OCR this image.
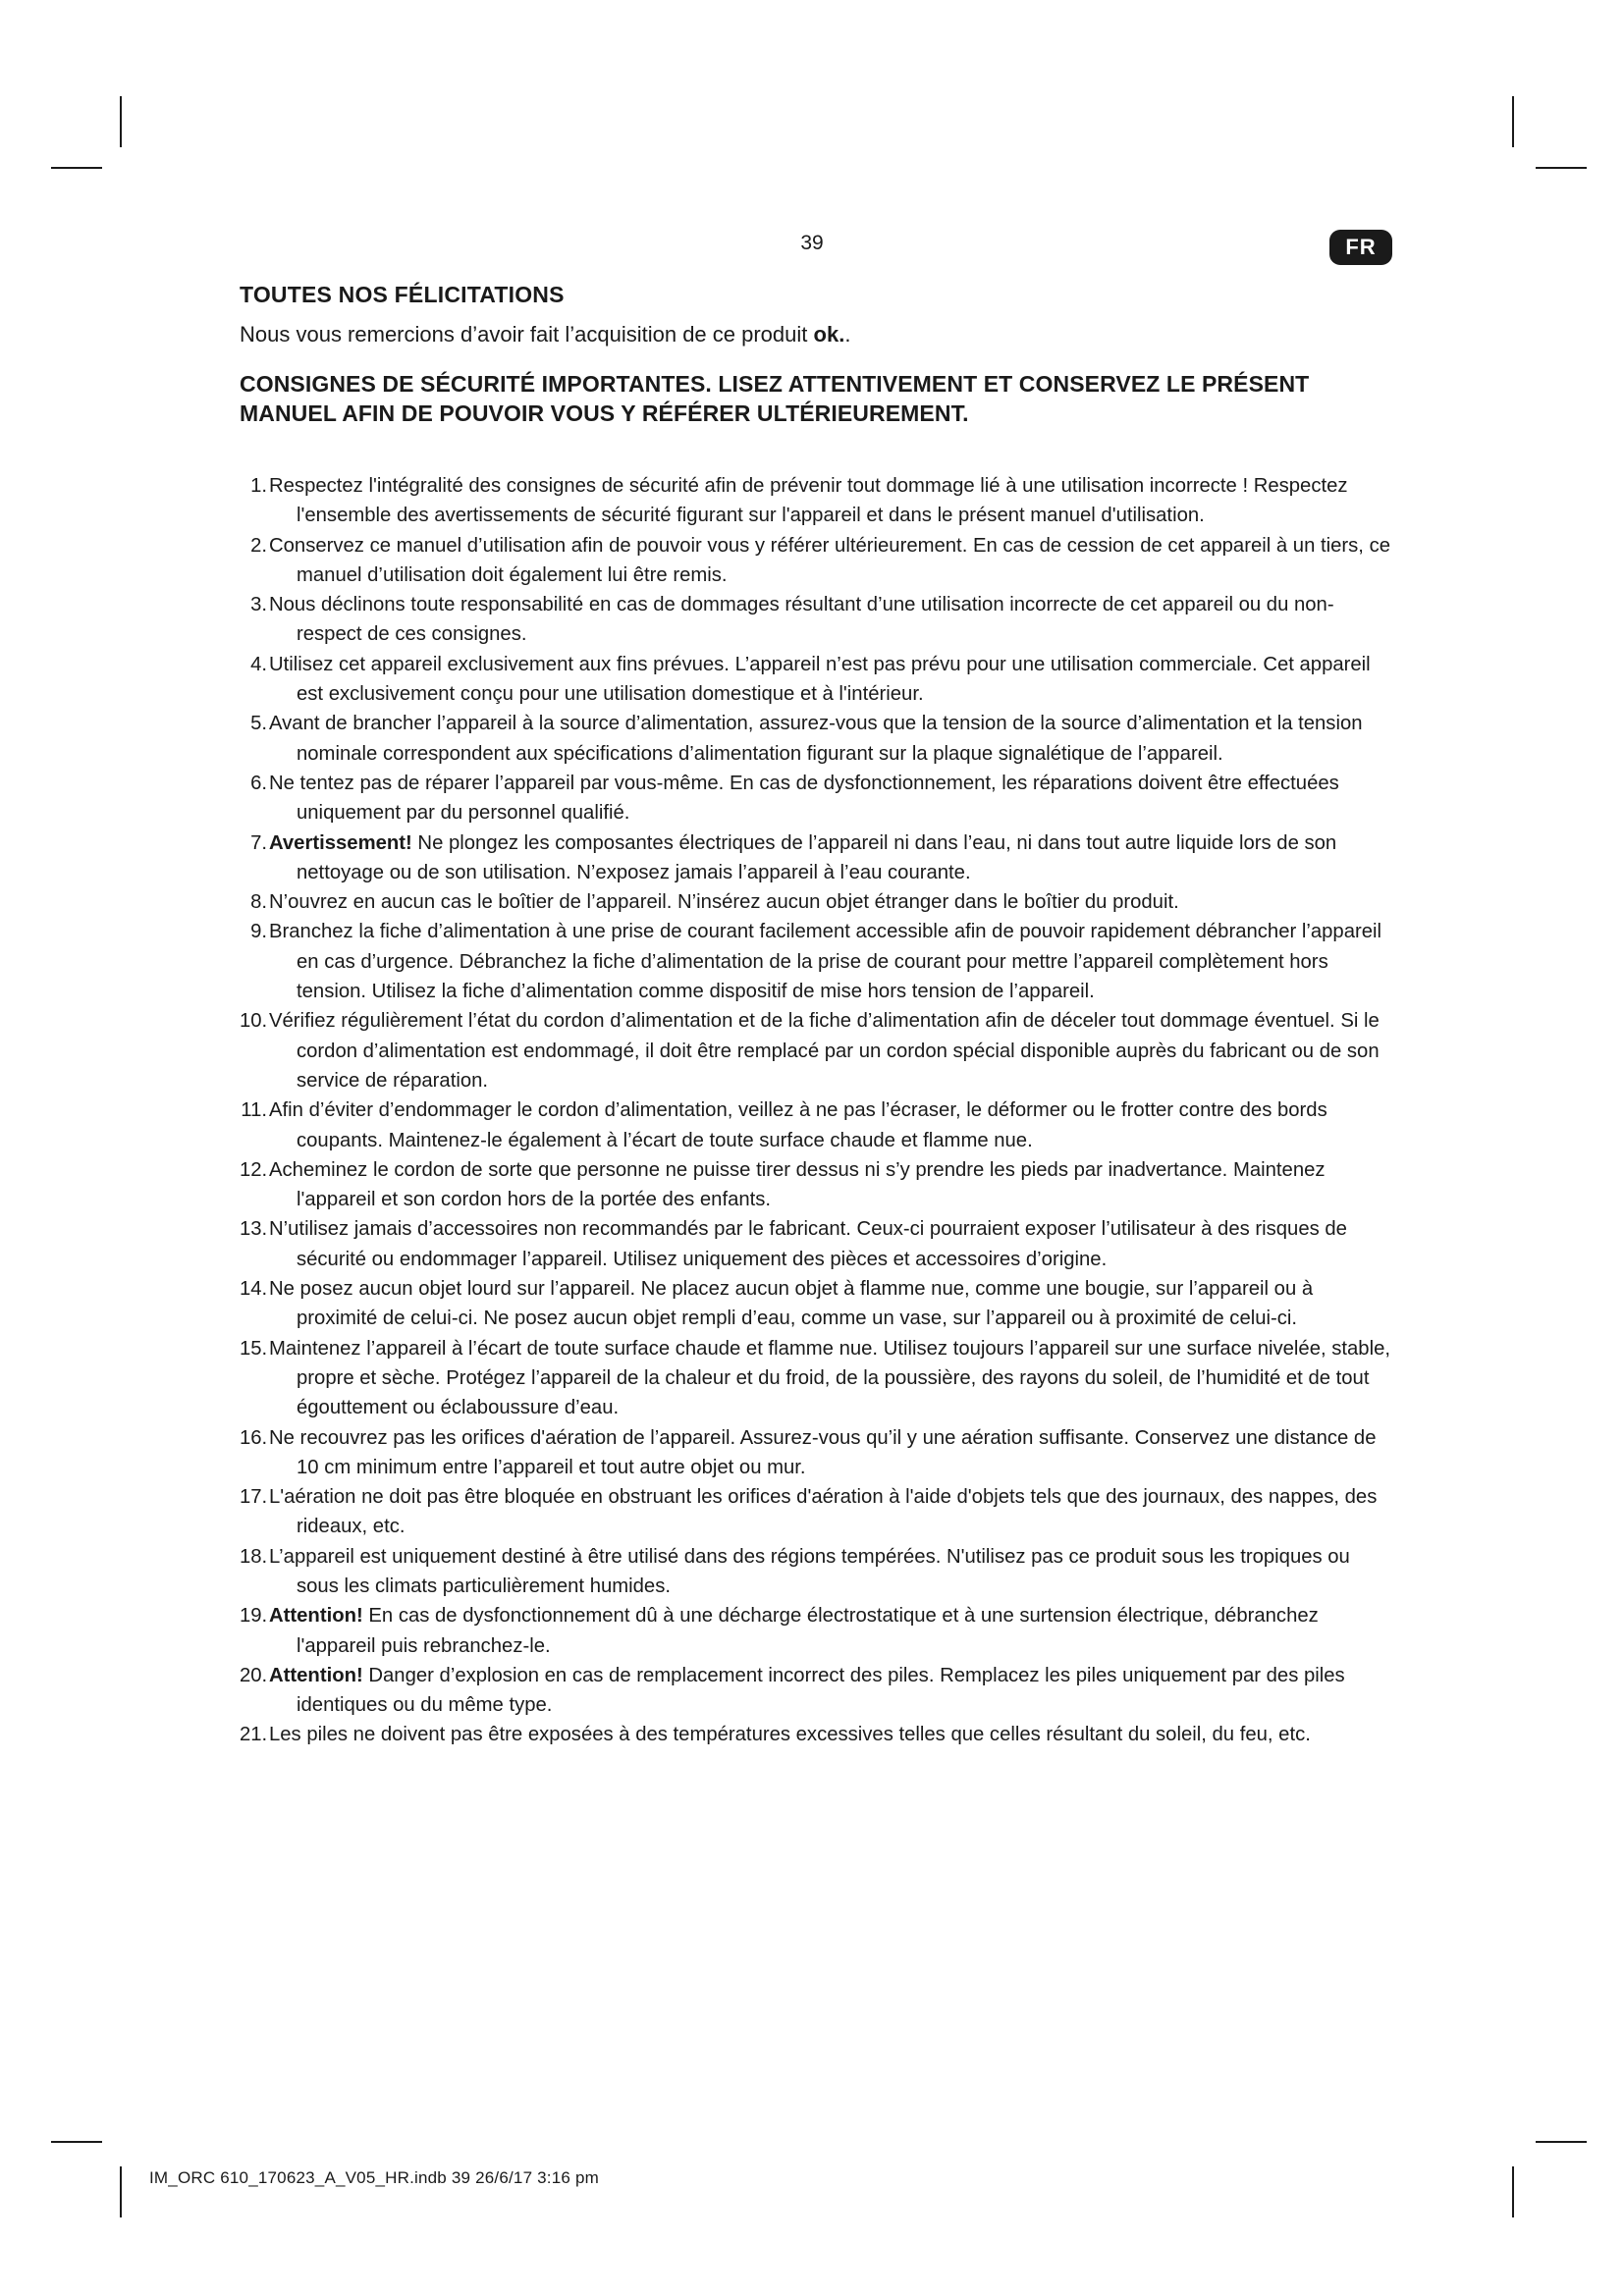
39	FR
TOUTES NOS FÉLICITATIONS
Nous vous remercions d’avoir fait l’acquisition de ce produit ok..
CONSIGNES DE SÉCURITÉ IMPORTANTES. LISEZ ATTENTIVEMENT ET CONSERVEZ LE PRÉSENT MANUEL AFIN DE POUVOIR VOUS Y RÉFÉRER ULTÉRIEUREMENT.
1. Respectez l'intégralité des consignes de sécurité afin de prévenir tout dommage lié à une utilisation incorrecte ! Respectez l'ensemble des avertissements de sécurité figurant sur l'appareil et dans le présent manuel d'utilisation.
2. Conservez ce manuel d’utilisation afin de pouvoir vous y référer ultérieurement. En cas de cession de cet appareil à un tiers, ce manuel d’utilisation doit également lui être remis.
3. Nous déclinons toute responsabilité en cas de dommages résultant d’une utilisation incorrecte de cet appareil ou du non-respect de ces consignes.
4. Utilisez cet appareil exclusivement aux fins prévues. L’appareil n’est pas prévu pour une utilisation commerciale. Cet appareil est exclusivement conçu pour une utilisation domestique et à l'intérieur.
5. Avant de brancher l’appareil à la source d’alimentation, assurez-vous que la tension de la source d’alimentation et la tension nominale correspondent aux spécifications d’alimentation figurant sur la plaque signalétique de l’appareil.
6. Ne tentez pas de réparer l’appareil par vous-même. En cas de dysfonctionnement, les réparations doivent être effectuées uniquement par du personnel qualifié.
7. Avertissement! Ne plongez les composantes électriques de l’appareil ni dans l’eau, ni dans tout autre liquide lors de son nettoyage ou de son utilisation. N’exposez jamais l’appareil à l’eau courante.
8. N’ouvrez en aucun cas le boîtier de l’appareil. N’insérez aucun objet étranger dans le boîtier du produit.
9. Branchez la fiche d’alimentation à une prise de courant facilement accessible afin de pouvoir rapidement débrancher l’appareil en cas d’urgence. Débranchez la fiche d’alimentation de la prise de courant pour mettre l’appareil complètement hors tension. Utilisez la fiche d’alimentation comme dispositif de mise hors tension de l’appareil.
10. Vérifiez régulièrement l’état du cordon d’alimentation et de la fiche d’alimentation afin de déceler tout dommage éventuel. Si le cordon d’alimentation est endommagé, il doit être remplacé par un cordon spécial disponible auprès du fabricant ou de son service de réparation.
11. Afin d’éviter d’endommager le cordon d’alimentation, veillez à ne pas l’écraser, le déformer ou le frotter contre des bords coupants. Maintenez-le également à l’écart de toute surface chaude et flamme nue.
12. Acheminez le cordon de sorte que personne ne puisse tirer dessus ni s’y prendre les pieds par inadvertance. Maintenez l'appareil et son cordon hors de la portée des enfants.
13. N’utilisez jamais d’accessoires non recommandés par le fabricant. Ceux-ci pourraient exposer l’utilisateur à des risques de sécurité ou endommager l’appareil. Utilisez uniquement des pièces et accessoires d’origine.
14. Ne posez aucun objet lourd sur l’appareil. Ne placez aucun objet à flamme nue, comme une bougie, sur l’appareil ou à proximité de celui-ci. Ne posez aucun objet rempli d’eau, comme un vase, sur l’appareil ou à proximité de celui-ci.
15. Maintenez l’appareil à l’écart de toute surface chaude et flamme nue. Utilisez toujours l’appareil sur une surface nivelée, stable, propre et sèche. Protégez l’appareil de la chaleur et du froid, de la poussière, des rayons du soleil, de l’humidité et de tout égouttement ou éclaboussure d’eau.
16. Ne recouvrez pas les orifices d'aération de l’appareil. Assurez-vous qu’il y une aération suffisante. Conservez une distance de 10 cm minimum entre l’appareil et tout autre objet ou mur.
17. L'aération ne doit pas être bloquée en obstruant les orifices d'aération à l'aide d'objets tels que des journaux, des nappes, des rideaux, etc.
18. L’appareil est uniquement destiné à être utilisé dans des régions tempérées. N'utilisez pas ce produit sous les tropiques ou sous les climats particulièrement humides.
19. Attention! En cas de dysfonctionnement dû à une décharge électrostatique et à une surtension électrique, débranchez l'appareil puis rebranchez-le.
20. Attention! Danger d’explosion en cas de remplacement incorrect des piles. Remplacez les piles uniquement par des piles identiques ou du même type.
21. Les piles ne doivent pas être exposées à des températures excessives telles que celles résultant du soleil, du feu, etc.
IM_ORC 610_170623_A_V05_HR.indb 39 26/6/17 3:16 pm
